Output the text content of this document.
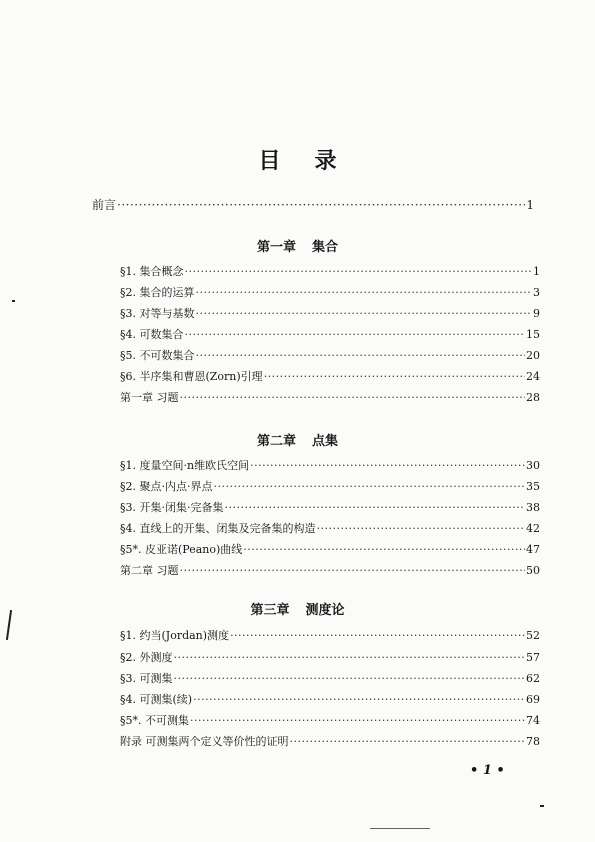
目 录
前言 ·····	1
第一章 集合
§1. 集合概念 ·····	1
§2. 集合的运算 ·····	3
§3. 对等与基数 ·····	9
§4. 可数集合 ·····	15
§5. 不可数集合 ·····	20
§6. 半序集和曹恩(Zorn)引理 ·····	24
第一章 习题 ·····	28
第二章 点集
§1. 度量空间·n维欧氏空间 ·····	30
§2. 聚点·内点·界点 ·····	35
§3. 开集·闭集·完备集 ·····	38
§4. 直线上的开集、闭集及完备集的构造 ·····	42
§5*. 皮亚诺(Peano)曲线 ·····	47
第二章 习题 ·····	50
第三章 测度论
§1. 约当(Jordan)测度 ·····	52
§2. 外测度 ·····	57
§3. 可测集 ·····	62
§4. 可测集(续) ·····	69
§5*. 不可测集 ·····	74
附录 可测集两个定义等价性的证明 ·····	78
• 1 •
